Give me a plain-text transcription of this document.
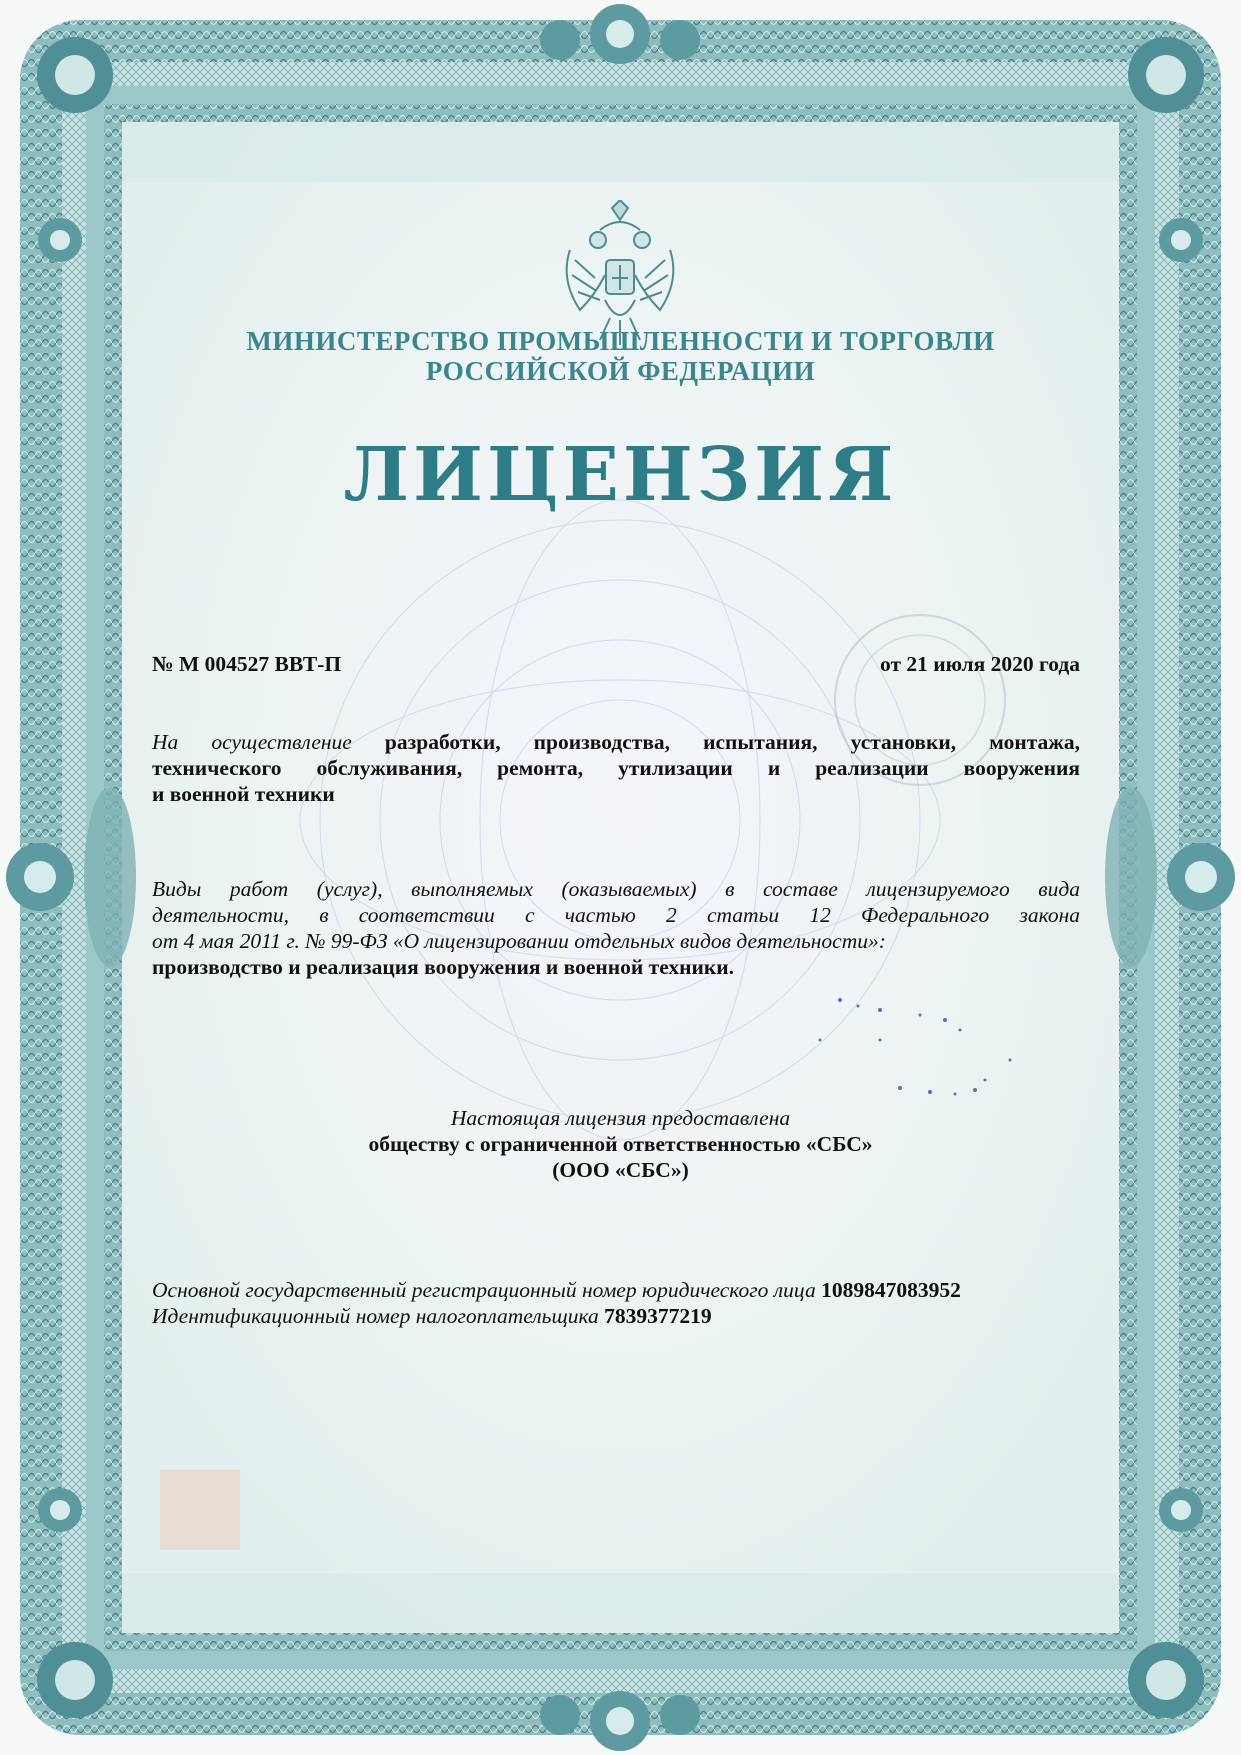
МИНИСТЕРСТВО ПРОМЫШЛЕННОСТИ И ТОРГОВЛИ
РОССИЙСКОЙ ФЕДЕРАЦИИ
ЛИЦЕНЗИЯ
№ М 004527 ВВТ-П	от 21 июля 2020 года
На осуществление разработки, производства, испытания, установки, монтажа,
технического обслуживания, ремонта, утилизации и реализации вооружения
и военной техники
Виды работ (услуг), выполняемых (оказываемых) в составе лицензируемого вида
деятельности, в соответствии с частью 2 статьи 12 Федерального закона
от 4 мая 2011 г. № 99-ФЗ «О лицензировании отдельных видов деятельности»:
производство и реализация вооружения и военной техники.
Настоящая лицензия предоставлена
обществу с ограниченной ответственностью «СБС»
(ООО «СБС»)
Основной государственный регистрационный номер юридического лица 1089847083952
Идентификационный номер налогоплательщика 7839377219
